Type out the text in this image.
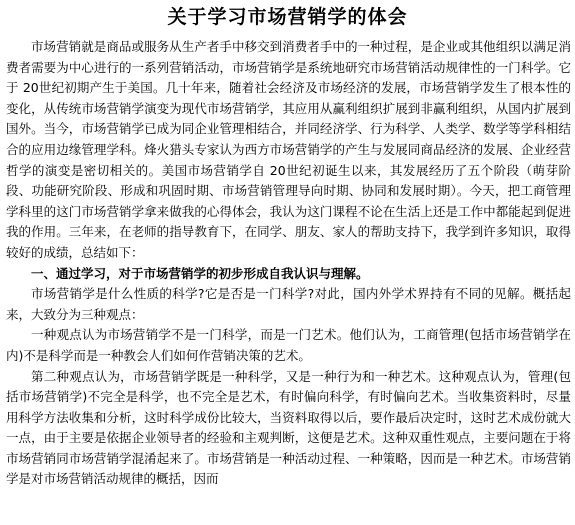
关于学习市场营销学的体会

市场营销就是商品或服务从生产者手中移交到消费者手中的一种过程，是企业或其他组织以满足消费者需要为中心进行的一系列营销活动，市场营销学是系统地研究市场营销活动规律性的一门科学。它于 20世纪初期产生于美国。几十年来，随着社会经济及市场经济的发展，市场营销学发生了根本性的变化，从传统市场营销学演变为现代市场营销学，其应用从赢利组织扩展到非赢利组织，从国内扩展到国外。当今，市场营销学已成为同企业管理相结合，并同经济学、行为科学、人类学、数学等学科相结合的应用边缘管理学科。烽火猎头专家认为西方市场营销学的产生与发展同商品经济的发展、企业经营哲学的演变是密切相关的。美国市场营销学自 20世纪初诞生以来，其发展经历了五个阶段（萌芽阶段、功能研究阶段、形成和巩固时期、市场营销管理导向时期、协同和发展时期）。今天，把工商管理学科里的这门市场营销学拿来做我的心得体会，我认为这门课程不论在生活上还是工作中都能起到促进我的作用。三年来，在老师的指导教育下，在同学、朋友、家人的帮助支持下，我学到许多知识，取得较好的成绩，总结如下：

一、通过学习，对于市场营销学的初步形成自我认识与理解。

市场营销学是什么性质的科学?它是否是一门科学?对此，国内外学术界持有不同的见解。概括起来，大致分为三种观点：

一种观点认为市场营销学不是一门科学，而是一门艺术。他们认为，工商管理(包括市场营销学在内)不是科学而是一种教会人们如何作营销决策的艺术。

第二种观点认为，市场营销学既是一种科学，又是一种行为和一种艺术。这种观点认为，管理(包括市场营销学)不完全是科学，也不完全是艺术，有时偏向科学，有时偏向艺术。当收集资料时，尽量用科学方法收集和分析，这时科学成份比较大，当资料取得以后，要作最后决定时，这时艺术成份就大一点，由于主要是依据企业领导者的经验和主观判断，这便是艺术。这种双重性观点，主要问题在于将市场营销同市场营销学混淆起来了。市场营销是一种活动过程、一种策略，因而是一种艺术。市场营销学是对市场营销活动规律的概括，因而
